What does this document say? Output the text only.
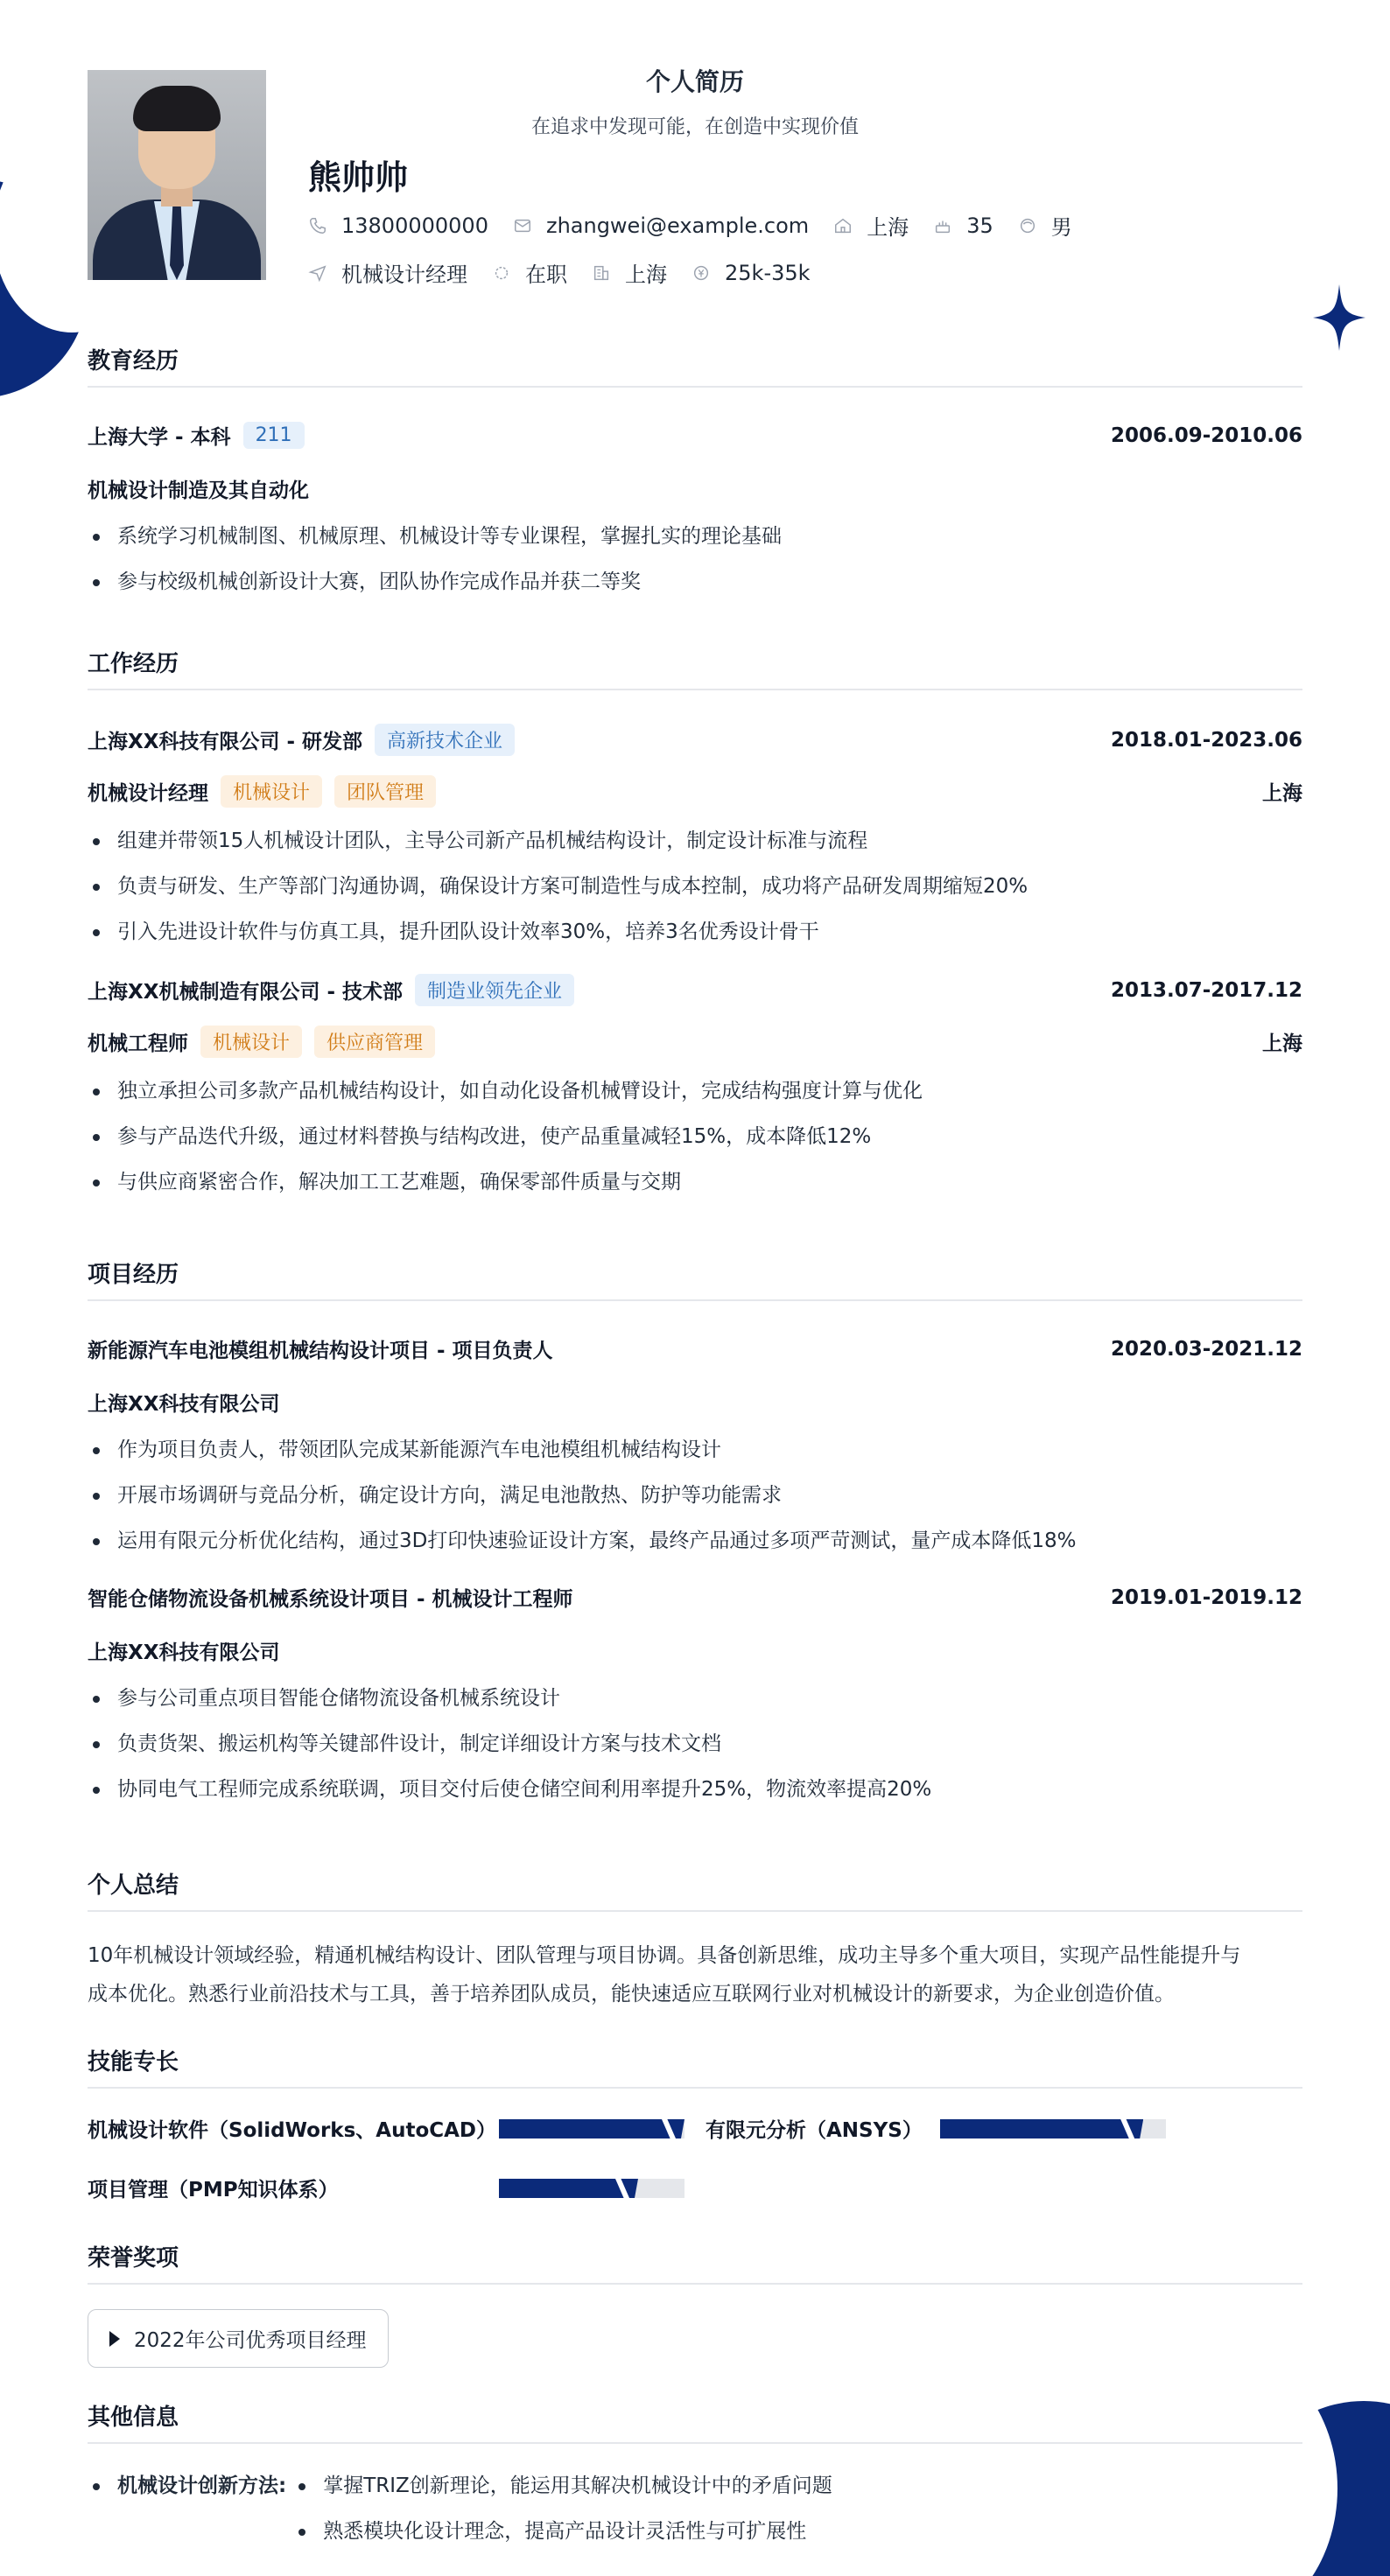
个人简历
在追求中发现可能，在创造中实现价值
熊帅帅
13800000000	zhangwei@example.com	上海	35	男
机械设计经理	在职	上海	25k-35k
教育经历
上海大学 - 本科	211	2006.09-2010.06
机械设计制造及其自动化
系统学习机械制图、机械原理、机械设计等专业课程，掌握扎实的理论基础
参与校级机械创新设计大赛，团队协作完成作品并获二等奖
工作经历
上海XX科技有限公司 - 研发部	高新技术企业	2018.01-2023.06
机械设计经理	机械设计	团队管理	上海
组建并带领15人机械设计团队，主导公司新产品机械结构设计，制定设计标准与流程
负责与研发、生产等部门沟通协调，确保设计方案可制造性与成本控制，成功将产品研发周期缩短20%
引入先进设计软件与仿真工具，提升团队设计效率30%，培养3名优秀设计骨干
上海XX机械制造有限公司 - 技术部	制造业领先企业	2013.07-2017.12
机械工程师	机械设计	供应商管理	上海
独立承担公司多款产品机械结构设计，如自动化设备机械臂设计，完成结构强度计算与优化
参与产品迭代升级，通过材料替换与结构改进，使产品重量减轻15%，成本降低12%
与供应商紧密合作，解决加工工艺难题，确保零部件质量与交期
项目经历
新能源汽车电池模组机械结构设计项目 - 项目负责人	2020.03-2021.12
上海XX科技有限公司
作为项目负责人，带领团队完成某新能源汽车电池模组机械结构设计
开展市场调研与竞品分析，确定设计方向，满足电池散热、防护等功能需求
运用有限元分析优化结构，通过3D打印快速验证设计方案，最终产品通过多项严苛测试，量产成本降低18%
智能仓储物流设备机械系统设计项目 - 机械设计工程师	2019.01-2019.12
上海XX科技有限公司
参与公司重点项目智能仓储物流设备机械系统设计
负责货架、搬运机构等关键部件设计，制定详细设计方案与技术文档
协同电气工程师完成系统联调，项目交付后使仓储空间利用率提升25%，物流效率提高20%
个人总结
10年机械设计领域经验，精通机械结构设计、团队管理与项目协调。具备创新思维，成功主导多个重大项目，实现产品性能提升与
成本优化。熟悉行业前沿技术与工具，善于培养团队成员，能快速适应互联网行业对机械设计的新要求，为企业创造价值。
技能专长
机械设计软件（SolidWorks、AutoCAD）	有限元分析（ANSYS）
项目管理（PMP知识体系）
荣誉奖项
2022年公司优秀项目经理
其他信息
机械设计创新方法:	掌握TRIZ创新理论，能运用其解决机械设计中的矛盾问题
熟悉模块化设计理念，提高产品设计灵活性与可扩展性
